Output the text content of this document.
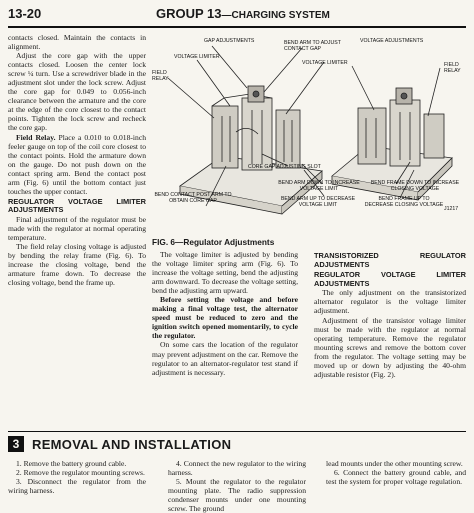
13-20	GROUP 13—CHARGING SYSTEM

contacts closed. Maintain the contacts in alignment.

Adjust the core gap with the upper contacts closed. Loosen the center lock screw ¼ turn. Use a screwdriver blade in the adjustment slot under the lock screw. Adjust the core gap for 0.049 to 0.056-inch clearance between the armature and the core at the edge of the core closest to the contact points. Tighten the lock screw and recheck the core gap.

Field Relay. Place a 0.010 to 0.018-inch feeler gauge on top of the coil core closest to the contact points. Hold the armature down on the gauge. Do not push down on the contact spring arm. Bend the contact post arm (Fig. 6) until the bottom contact just touches the upper contact.

REGULATOR VOLTAGE LIMITER ADJUSTMENTS

Final adjustment of the regulator must be made with the regulator at normal operating temperature.

The field relay closing voltage is adjusted by bending the relay frame (Fig. 6). To increase the closing voltage, bend the armature frame down. To decrease the closing voltage, bend the frame up.

GAP ADJUSTMENTS	BEND ARM TO ADJUST CONTACT GAP
VOLTAGE ADJUSTMENTS
VOLTAGE LIMITER
VOLTAGE LIMITER
FIELD RELAY
FIELD RELAY
CORE GAP ADJUSTING SLOT
BEND ARM DOWN TO INCREASE VOLTAGE LIMIT
BEND FRAME DOWN TO INCREASE CLOSING VOLTAGE
BEND CONTACT POST ARM TO OBTAIN CORE GAP	BEND ARM UP TO DECREASE VOLTAGE LIMIT
BEND FRAME UP TO DECREASE CLOSING VOLTAGE
J1217
FIG. 6—Regulator Adjustments

The voltage limiter is adjusted by bending the voltage limiter spring arm (Fig. 6). To increase the voltage setting, bend the adjusting arm downward. To decrease the voltage setting, bend the adjusting arm upward.

Before setting the voltage and before making a final voltage test, the alternator speed must be reduced to zero and the ignition switch opened momentarily, to cycle the regulator.

On some cars the location of the regulator may prevent adjustment on the car. Remove the regulator to an alternator-regulator test stand if adjustment is necessary.

TRANSISTORIZED REGULATOR ADJUSTMENTS
REGULATOR VOLTAGE LIMITER ADJUSTMENTS

The only adjustment on the transistorized alternator regulator is the voltage limiter adjustment.

Adjustment of the transistor voltage limiter must be made with the regulator at normal operating temperature. Remove the regulator mounting screws and remove the bottom cover from the regulator. The voltage setting may be moved up or down by adjusting the 40-ohm adjustable resistor (Fig. 2).

3 REMOVAL AND INSTALLATION

1. Remove the battery ground cable.

2. Remove the regulator mounting screws.

3. Disconnect the regulator from the wiring harness.

4. Connect the new regulator to the wiring harness.

5. Mount the regulator to the regulator mounting plate. The radio suppression condenser mounts under one mounting screw. The ground

lead mounts under the other mounting screw.

6. Connect the battery ground cable, and test the system for proper voltage regulation.
